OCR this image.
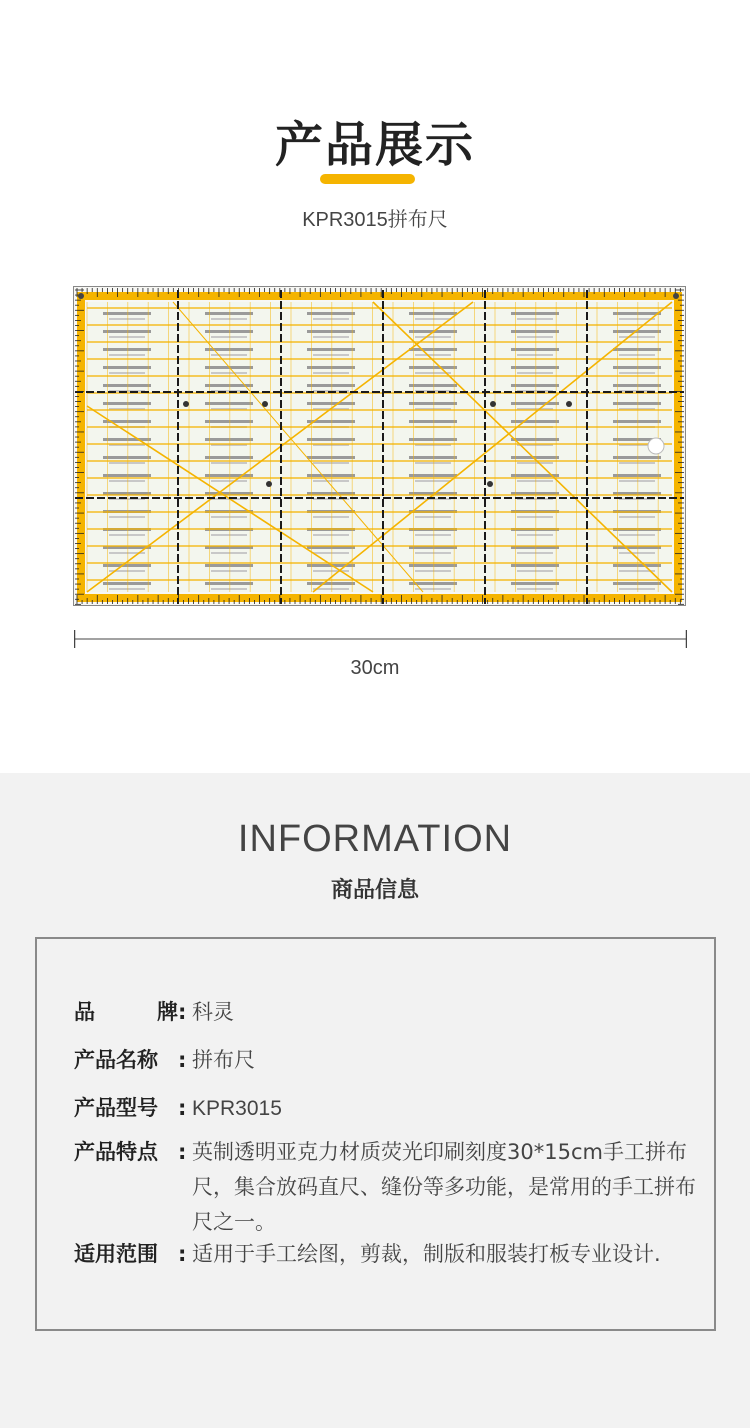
产品展示
KPR3015拼布尺
30cm
INFORMATION
商品信息
品	牌 : 科灵
产品名称 : 拼布尺
产品型号 : KPR3015
产品特点 : 英制透明亚克力材质荧光印刷刻度30*15cm手工拼布尺，集合放码直尺、缝份等多功能，是常用的手工拼布尺之一。
适用范围 : 适用于手工绘图，剪裁，制版和服装打板专业设计.
